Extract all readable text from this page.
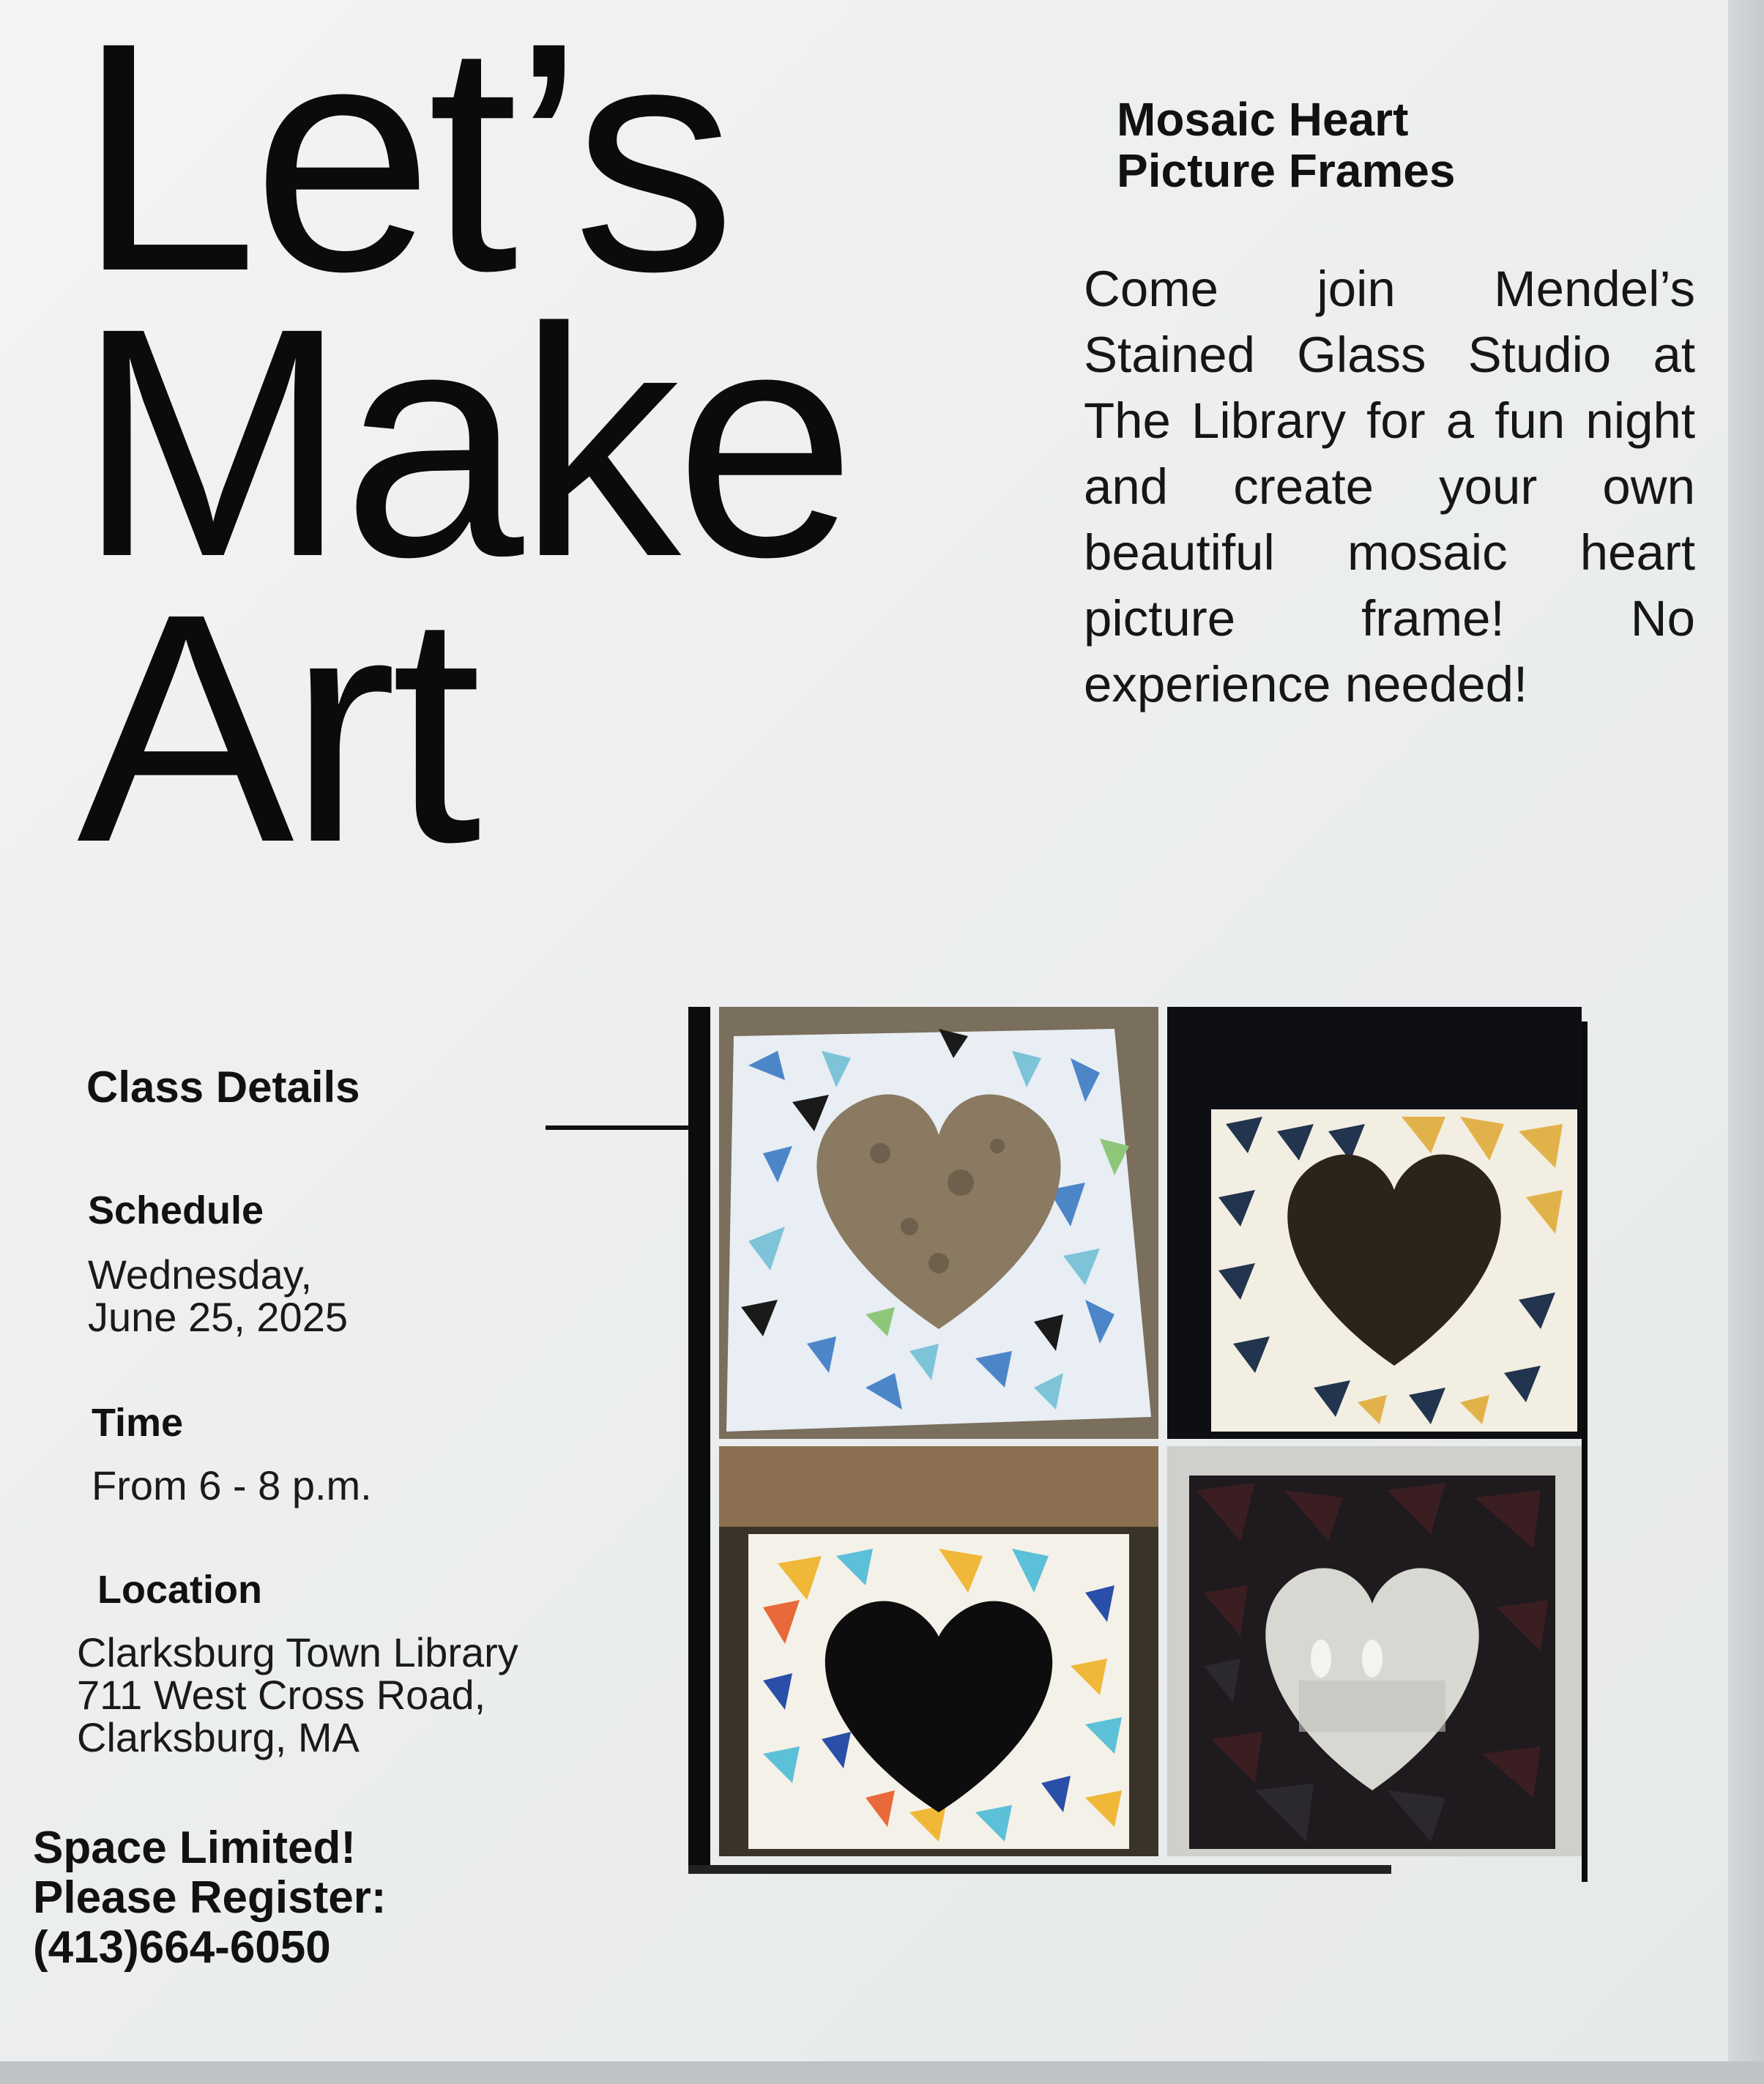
Let’s
Make
Art
Mosaic Heart
Picture Frames

Come join Mendel’s Stained Glass Studio at The Library for a fun night and create your own beautiful mosaic heart picture frame! No experience needed!

Class Details

Schedule

Wednesday,

June 25, 2025

Time

From 6 - 8 p.m.

Location

Clarksburg Town Library

711 West Cross Road,

Clarksburg, MA

Space Limited!
Please Register:
(413)664-6050
